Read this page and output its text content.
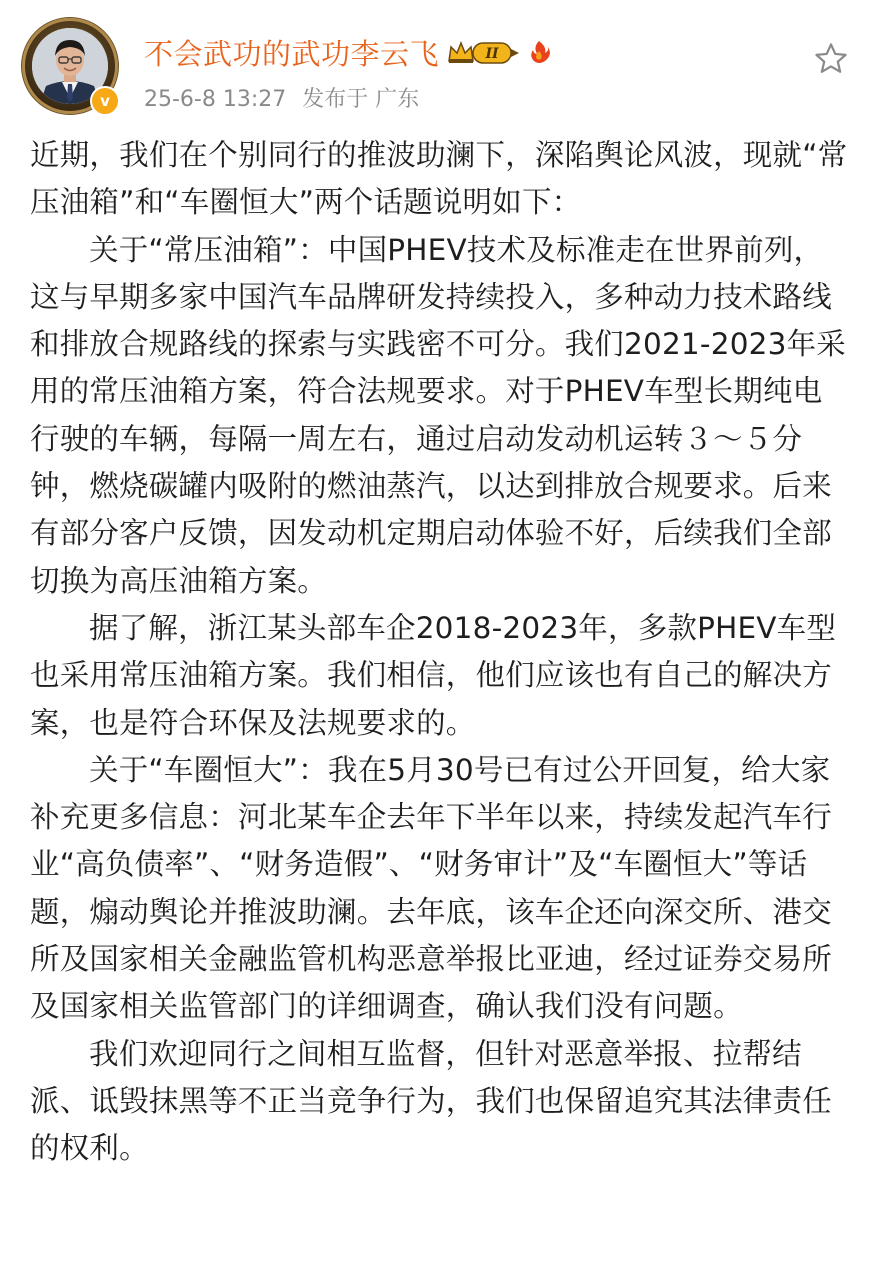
v
不会武功的武功李云飞	II
25-6-8 13:27 发布于 广东

近期，我们在个别同行的推波助澜下，深陷舆论风波，现就“常压油箱”和“车圈恒大”两个话题说明如下：

关于“常压油箱”：中国PHEV技术及标准走在世界前列，这与早期多家中国汽车品牌研发持续投入，多种动力技术路线和排放合规路线的探索与实践密不可分。我们2021-2023年采用的常压油箱方案，符合法规要求。对于PHEV车型长期纯电行驶的车辆，每隔一周左右，通过启动发动机运转３～５分钟，燃烧碳罐内吸附的燃油蒸汽，以达到排放合规要求。后来有部分客户反馈，因发动机定期启动体验不好，后续我们全部切换为高压油箱方案。

据了解，浙江某头部车企2018-2023年，多款PHEV车型也采用常压油箱方案。我们相信，他们应该也有自己的解决方案，也是符合环保及法规要求的。

关于“车圈恒大”：我在5月30号已有过公开回复，给大家补充更多信息：河北某车企去年下半年以来，持续发起汽车行业“高负债率”、“财务造假”、“财务审计”及“车圈恒大”等话题，煽动舆论并推波助澜。去年底，该车企还向深交所、港交所及国家相关金融监管机构恶意举报比亚迪，经过证券交易所及国家相关监管部门的详细调查，确认我们没有问题。

我们欢迎同行之间相互监督，但针对恶意举报、拉帮结派、诋毁抹黑等不正当竞争行为，我们也保留追究其法律责任的权利。
